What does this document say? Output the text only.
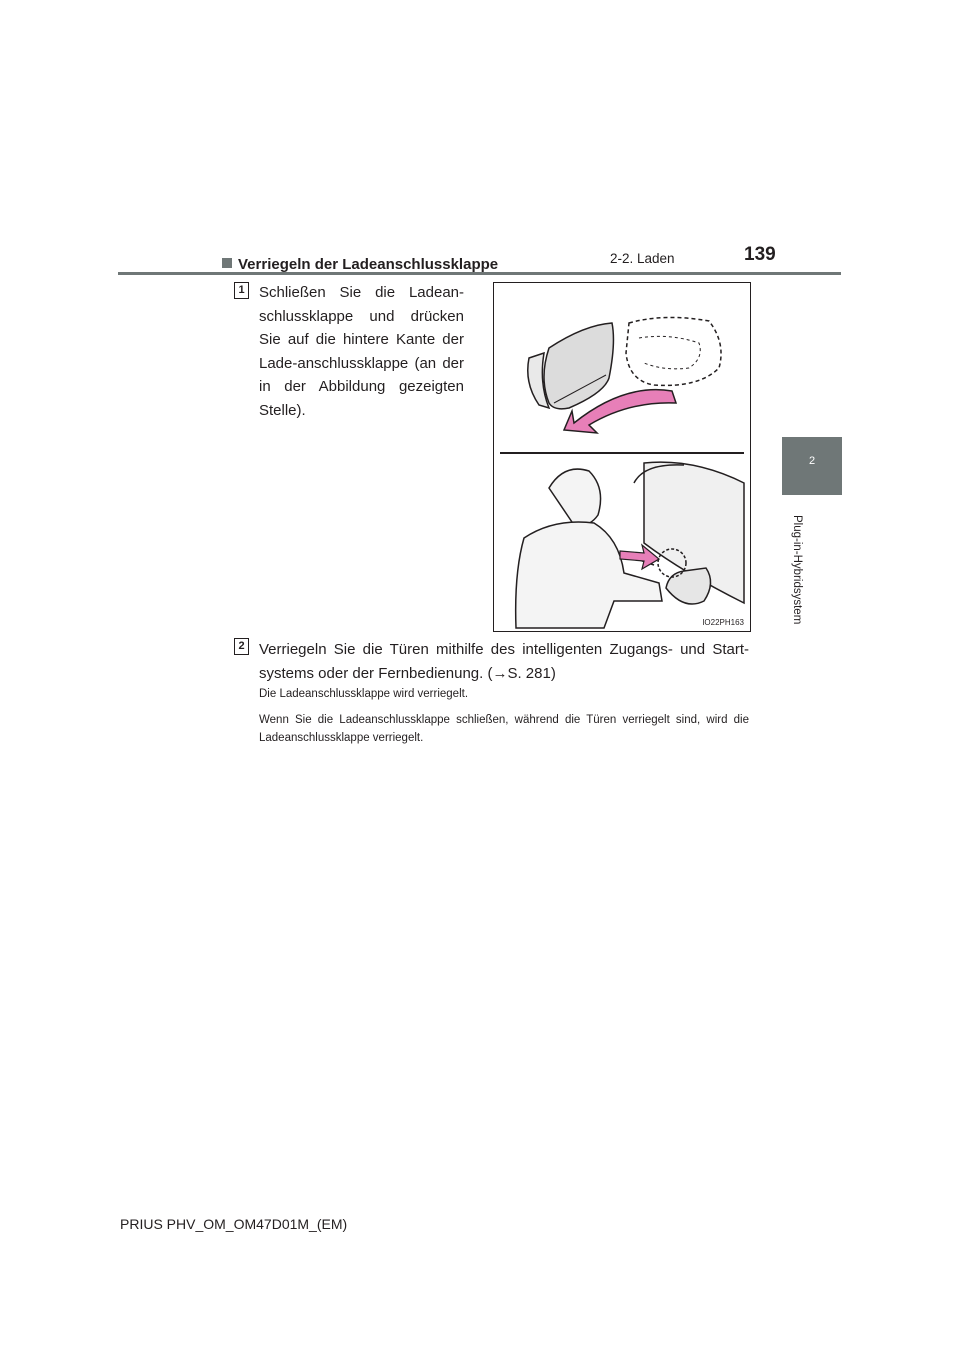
2-2. Laden	139
2
Plug-in-Hybridsystem
Verriegeln der Ladeanschlussklappe
1 Schließen Sie die Ladean-schlussklappe und drücken Sie auf die hintere Kante der Lade-anschlussklappe (an der in der Abbildung gezeigten Stelle).
IO22PH163
2 Verriegeln Sie die Türen mithilfe des intelligenten Zugangs- und Start-systems oder der Fernbedienung. (→S. 281)
Die Ladeanschlussklappe wird verriegelt.
Wenn Sie die Ladeanschlussklappe schließen, während die Türen verriegelt sind, wird die Ladeanschlussklappe verriegelt.
PRIUS PHV_OM_OM47D01M_(EM)
